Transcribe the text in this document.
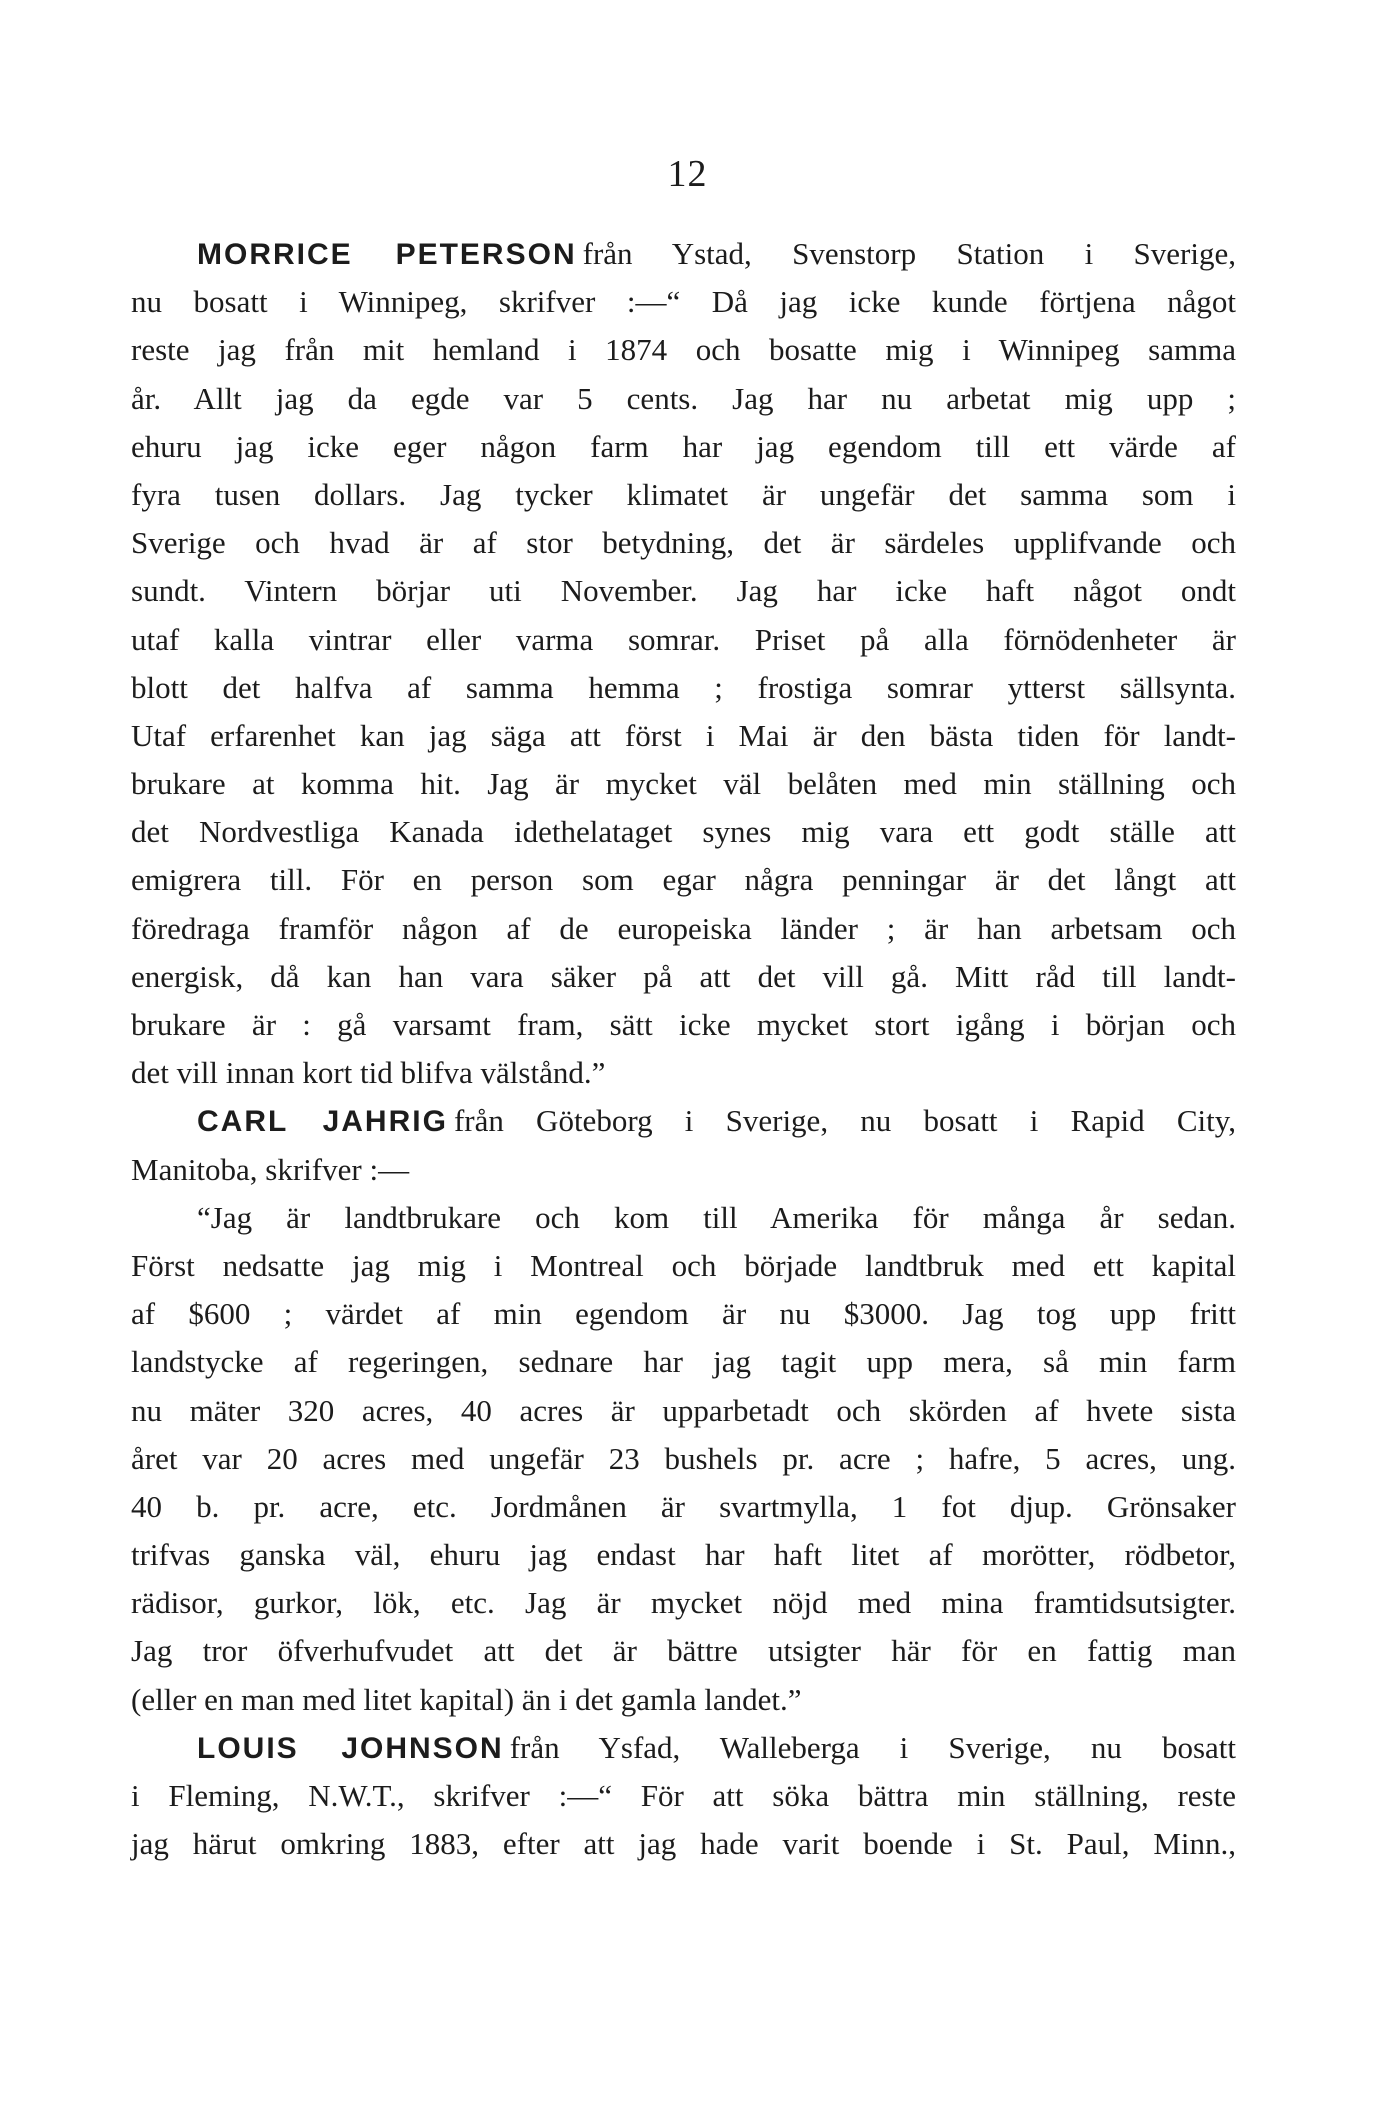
12
MORRICE PETERSON från Ystad, Svenstorp Station i Sverige,
nu bosatt i Winnipeg, skrifver :—“ Då jag icke kunde förtjena något
reste jag från mit hemland i 1874 och bosatte mig i Winnipeg samma
år. Allt jag da egde var 5 cents. Jag har nu arbetat mig upp ;
ehuru jag icke eger någon farm har jag egendom till ett värde af
fyra tusen dollars. Jag tycker klimatet är ungefär det samma som i
Sverige och hvad är af stor betydning, det är särdeles upplifvande och
sundt. Vintern börjar uti November. Jag har icke haft något ondt
utaf kalla vintrar eller varma somrar. Priset på alla förnödenheter är
blott det halfva af samma hemma ; frostiga somrar ytterst sällsynta.
Utaf erfarenhet kan jag säga att först i Mai är den bästa tiden för landt-
brukare at komma hit. Jag är mycket väl belåten med min ställning och
det Nordvestliga Kanada idethelataget synes mig vara ett godt ställe att
emigrera till. För en person som egar några penningar är det långt att
föredraga framför någon af de europeiska länder ; är han arbetsam och
energisk, då kan han vara säker på att det vill gå. Mitt råd till landt-
brukare är : gå varsamt fram, sätt icke mycket stort igång i början och
det vill innan kort tid blifva välstånd.”
CARL JAHRIG från Göteborg i Sverige, nu bosatt i Rapid City,
Manitoba, skrifver :—
“Jag är landtbrukare och kom till Amerika för många år sedan.
Först nedsatte jag mig i Montreal och började landtbruk med ett kapital
af $600 ; värdet af min egendom är nu $3000. Jag tog upp fritt
landstycke af regeringen, sednare har jag tagit upp mera, så min farm
nu mäter 320 acres, 40 acres är upparbetadt och skörden af hvete sista
året var 20 acres med ungefär 23 bushels pr. acre ; hafre, 5 acres, ung.
40 b. pr. acre, etc. Jordmånen är svartmylla, 1 fot djup. Grönsaker
trifvas ganska väl, ehuru jag endast har haft litet af morötter, rödbetor,
rädisor, gurkor, lök, etc. Jag är mycket nöjd med mina framtidsutsigter.
Jag tror öfverhufvudet att det är bättre utsigter här för en fattig man
(eller en man med litet kapital) än i det gamla landet.”
LOUIS JOHNSON från Ysfad, Walleberga i Sverige, nu bosatt
i Fleming, N.W.T., skrifver :—“ För att söka bättra min ställning, reste
jag härut omkring 1883, efter att jag hade varit boende i St. Paul, Minn.,
